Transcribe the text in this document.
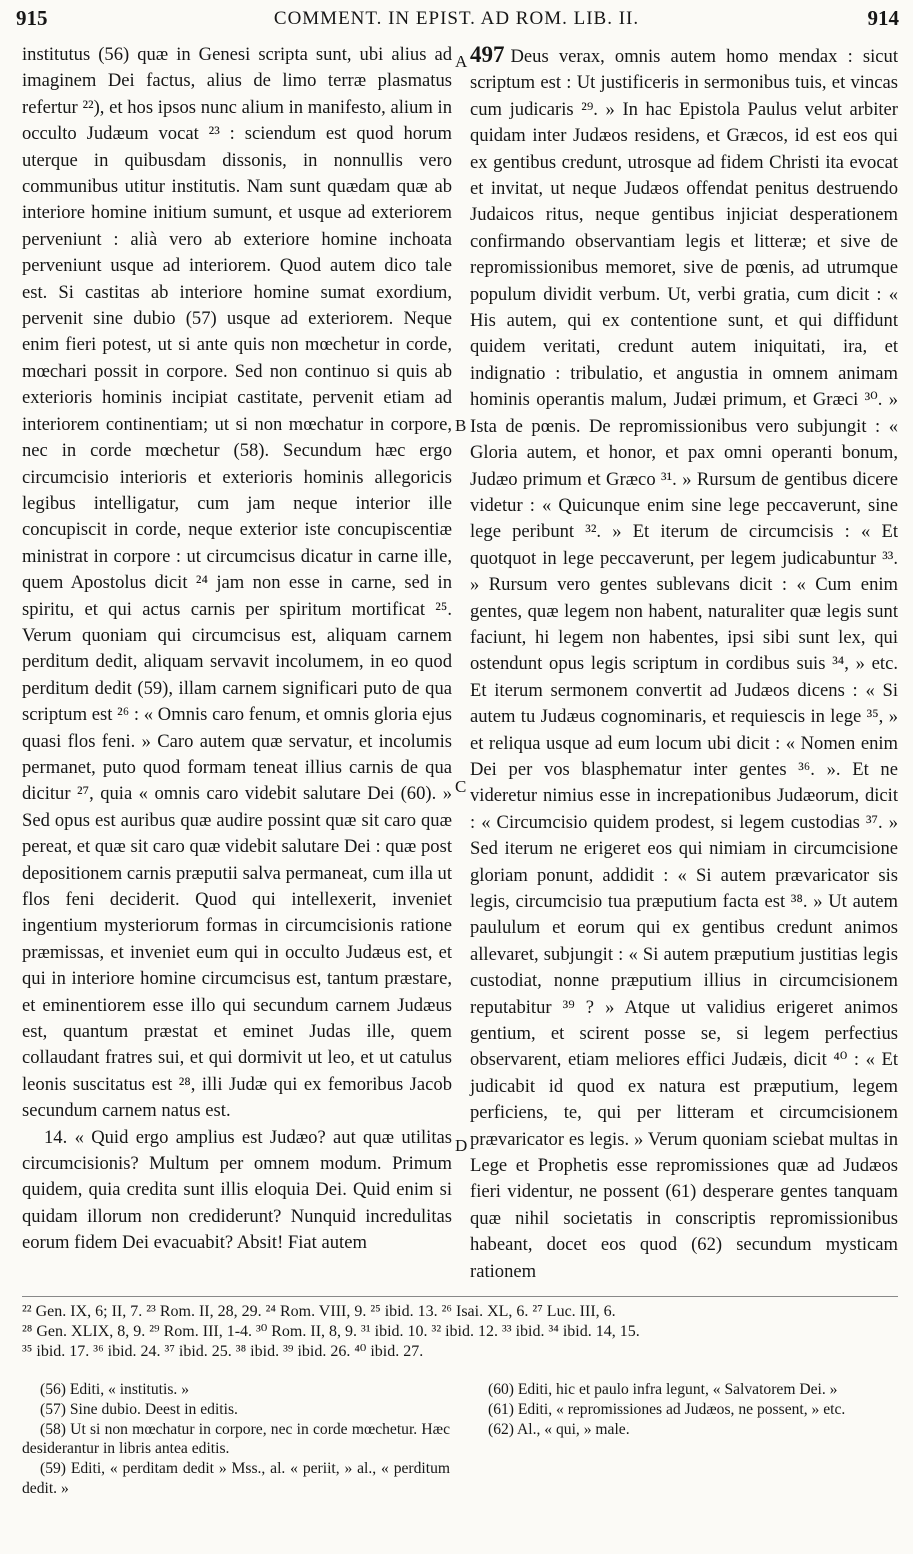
915	COMMENT. IN EPIST. AD ROM. LIB. II.	914
A
B
C
D

institutus (56) quæ in Genesi scripta sunt, ubi alius ad imaginem Dei factus, alius de limo terræ plasmatus refertur ²²), et hos ipsos nunc alium in manifesto, alium in occulto Judæum vocat ²³ : sciendum est quod horum uterque in quibusdam dissonis, in nonnullis vero communibus utitur institutis. Nam sunt quædam quæ ab interiore homine initium sumunt, et usque ad exteriorem perveniunt : alià vero ab exteriore homine inchoata perveniunt usque ad interiorem. Quod autem dico tale est. Si castitas ab interiore homine sumat exordium, pervenit sine dubio (57) usque ad exteriorem. Neque enim fieri potest, ut si ante quis non mœchetur in corde, mœchari possit in corpore. Sed non continuo si quis ab exterioris hominis incipiat castitate, pervenit etiam ad interiorem continentiam; ut si non mœchatur in corpore, nec in corde mœchetur (58). Secundum hæc ergo circumcisio interioris et exterioris hominis allegoricis legibus intelligatur, cum jam neque interior ille concupiscit in corde, neque exterior iste concupiscentiæ ministrat in corpore : ut circumcisus dicatur in carne ille, quem Apostolus dicit ²⁴ jam non esse in carne, sed in spiritu, et qui actus carnis per spiritum mortificat ²⁵. Verum quoniam qui circumcisus est, aliquam carnem perditum dedit, aliquam servavit incolumem, in eo quod perditum dedit (59), illam carnem significari puto de qua scriptum est ²⁶ : « Omnis caro fenum, et omnis gloria ejus quasi flos feni. » Caro autem quæ servatur, et incolumis permanet, puto quod formam teneat illius carnis de qua dicitur ²⁷, quia « omnis caro videbit salutare Dei (60). » Sed opus est auribus quæ audire possint quæ sit caro quæ pereat, et quæ sit caro quæ videbit salutare Dei : quæ post depositionem carnis præputii salva permaneat, cum illa ut flos feni deciderit. Quod qui intellexerit, inveniet ingentium mysteriorum formas in circumcisionis ratione præmissas, et inveniet eum qui in occulto Judæus est, et qui in interiore homine circumcisus est, tantum præstare, et eminentiorem esse illo qui secundum carnem Judæus est, quantum præstat et eminet Judas ille, quem collaudant fratres sui, et qui dormivit ut leo, et ut catulus leonis suscitatus est ²⁸, illi Judæ qui ex femoribus Jacob secundum carnem natus est.

14. « Quid ergo amplius est Judæo? aut quæ utilitas circumcisionis? Multum per omnem modum. Primum quidem, quia credita sunt illis eloquia Dei. Quid enim si quidam illorum non crediderunt? Nunquid incredulitas eorum fidem Dei evacuabit? Absit! Fiat autem

497 Deus verax, omnis autem homo mendax : sicut scriptum est : Ut justificeris in sermonibus tuis, et vincas cum judicaris ²⁹. » In hac Epistola Paulus velut arbiter quidam inter Judæos residens, et Græcos, id est eos qui ex gentibus credunt, utrosque ad fidem Christi ita evocat et invitat, ut neque Judæos offendat penitus destruendo Judaicos ritus, neque gentibus injiciat desperationem confirmando observantiam legis et litteræ; et sive de repromissionibus memoret, sive de pœnis, ad utrumque populum dividit verbum. Ut, verbi gratia, cum dicit : « His autem, qui ex contentione sunt, et qui diffidunt quidem veritati, credunt autem iniquitati, ira, et indignatio : tribulatio, et angustia in omnem animam hominis operantis malum, Judæi primum, et Græci ³⁰. » Ista de pœnis. De repromissionibus vero subjungit : « Gloria autem, et honor, et pax omni operanti bonum, Judæo primum et Græco ³¹. » Rursum de gentibus dicere videtur : « Quicunque enim sine lege peccaverunt, sine lege peribunt ³². » Et iterum de circumcisis : « Et quotquot in lege peccaverunt, per legem judicabuntur ³³. » Rursum vero gentes sublevans dicit : « Cum enim gentes, quæ legem non habent, naturaliter quæ legis sunt faciunt, hi legem non habentes, ipsi sibi sunt lex, qui ostendunt opus legis scriptum in cordibus suis ³⁴, » etc. Et iterum sermonem convertit ad Judæos dicens : « Si autem tu Judæus cognominaris, et requiescis in lege ³⁵, » et reliqua usque ad eum locum ubi dicit : « Nomen enim Dei per vos blasphematur inter gentes ³⁶. ». Et ne videretur nimius esse in increpationibus Judæorum, dicit : « Circumcisio quidem prodest, si legem custodias ³⁷. » Sed iterum ne erigeret eos qui nimiam in circumcisione gloriam ponunt, addidit : « Si autem prævaricator sis legis, circumcisio tua præputium facta est ³⁸. » Ut autem paululum et eorum qui ex gentibus credunt animos allevaret, subjungit : « Si autem præputium justitias legis custodiat, nonne præputium illius in circumcisionem reputabitur ³⁹ ? » Atque ut validius erigeret animos gentium, et scirent posse se, si legem perfectius observarent, etiam meliores effici Judæis, dicit ⁴⁰ : « Et judicabit id quod ex natura est præputium, legem perficiens, te, qui per litteram et circumcisionem prævaricator es legis. » Verum quoniam sciebat multas in Lege et Prophetis esse repromissiones quæ ad Judæos fieri videntur, ne possent (61) desperare gentes tanquam quæ nihil societatis in conscriptis repromissionibus habeant, docet eos quod (62) secundum mysticam rationem

²² Gen. IX, 6; II, 7. ²³ Rom. II, 28, 29. ²⁴ Rom. VIII, 9. ²⁵ ibid. 13. ²⁶ Isai. XL, 6. ²⁷ Luc. III, 6.
²⁸ Gen. XLIX, 8, 9. ²⁹ Rom. III, 1-4. ³⁰ Rom. II, 8, 9. ³¹ ibid. 10. ³² ibid. 12. ³³ ibid. ³⁴ ibid. 14, 15.
³⁵ ibid. 17. ³⁶ ibid. 24. ³⁷ ibid. 25. ³⁸ ibid. ³⁹ ibid. 26. ⁴⁰ ibid. 27.

(56) Editi, « institutis. »

(57) Sine dubio. Deest in editis.

(58) Ut si non mœchatur in corpore, nec in corde mœchetur. Hæc desiderantur in libris antea editis.

(59) Editi, « perditam dedit » Mss., al. « periit, » al., « perditum dedit. »

(60) Editi, hic et paulo infra legunt, « Salvatorem Dei. »

(61) Editi, « repromissiones ad Judæos, ne possent, » etc.

(62) Al., « qui, » male.
